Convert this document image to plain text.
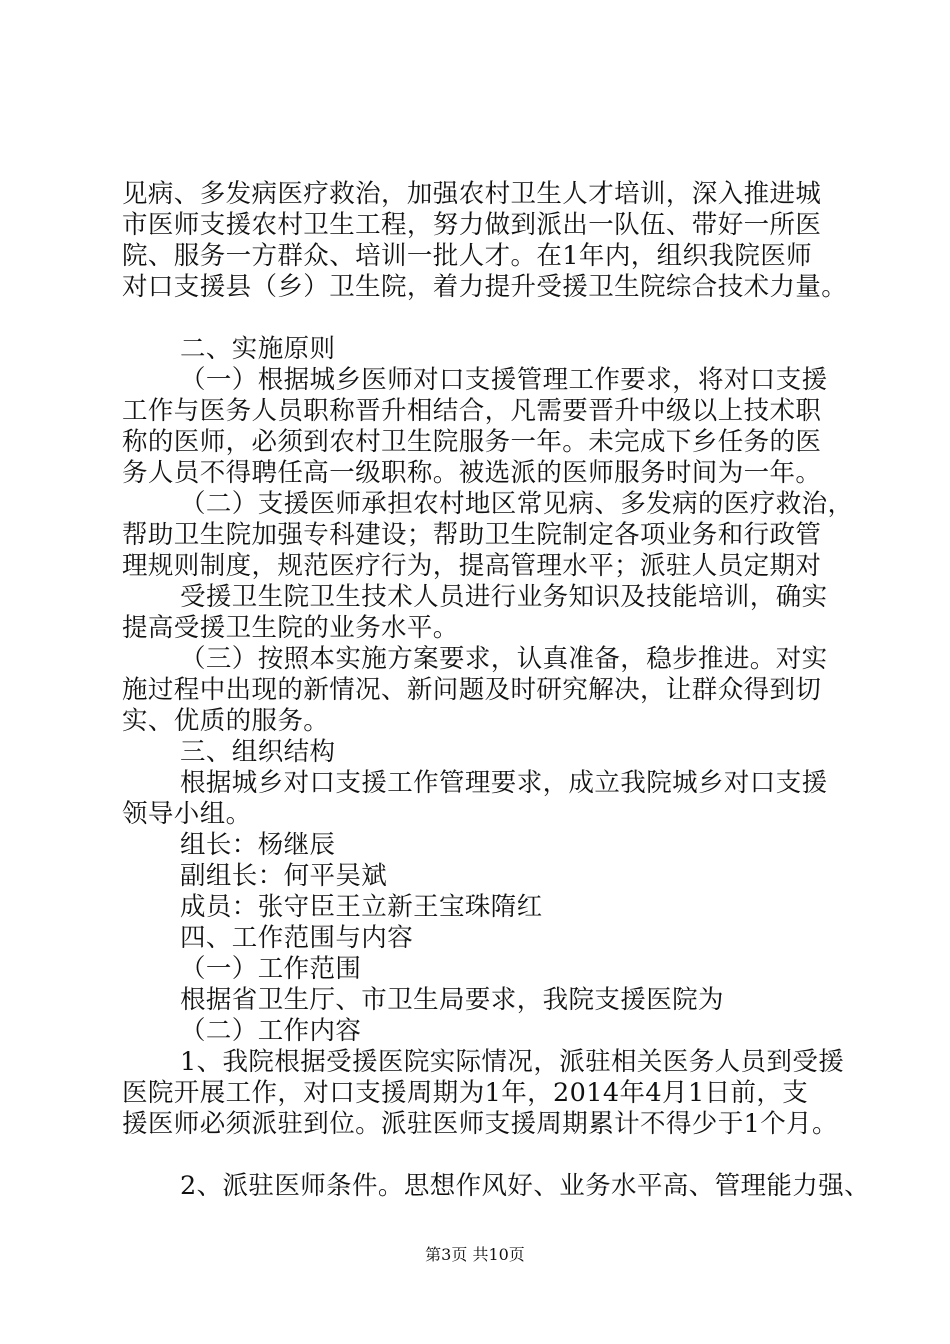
见病、多发病医疗救治，加强农村卫生人才培训，深入推进城
市医师支援农村卫生工程，努力做到派出一队伍、带好一所医
院、服务一方群众、培训一批人才。在1年内，组织我院医师
对口支援县（乡）卫生院，着力提升受援卫生院综合技术力量。
二、实施原则
（一）根据城乡医师对口支援管理工作要求，将对口支援
工作与医务人员职称晋升相结合，凡需要晋升中级以上技术职
称的医师，必须到农村卫生院服务一年。未完成下乡任务的医
务人员不得聘任高一级职称。被选派的医师服务时间为一年。
（二）支援医师承担农村地区常见病、多发病的医疗救治，
帮助卫生院加强专科建设；帮助卫生院制定各项业务和行政管
理规则制度，规范医疗行为，提高管理水平；派驻人员定期对
受援卫生院卫生技术人员进行业务知识及技能培训，确实
提高受援卫生院的业务水平。
（三）按照本实施方案要求，认真准备，稳步推进。对实
施过程中出现的新情况、新问题及时研究解决，让群众得到切
实、优质的服务。
三、组织结构
根据城乡对口支援工作管理要求，成立我院城乡对口支援
领导小组。
组长：杨继辰
副组长：何平吴斌
成员：张守臣王立新王宝珠隋红
四、工作范围与内容
（一）工作范围
根据省卫生厅、市卫生局要求，我院支援医院为
（二）工作内容
1、我院根据受援医院实际情况，派驻相关医务人员到受援
医院开展工作，对口支援周期为1年，2014年4月1日前，支
援医师必须派驻到位。派驻医师支援周期累计不得少于1个月。
2、派驻医师条件。思想作风好、业务水平高、管理能力强、
第3页 共10页
